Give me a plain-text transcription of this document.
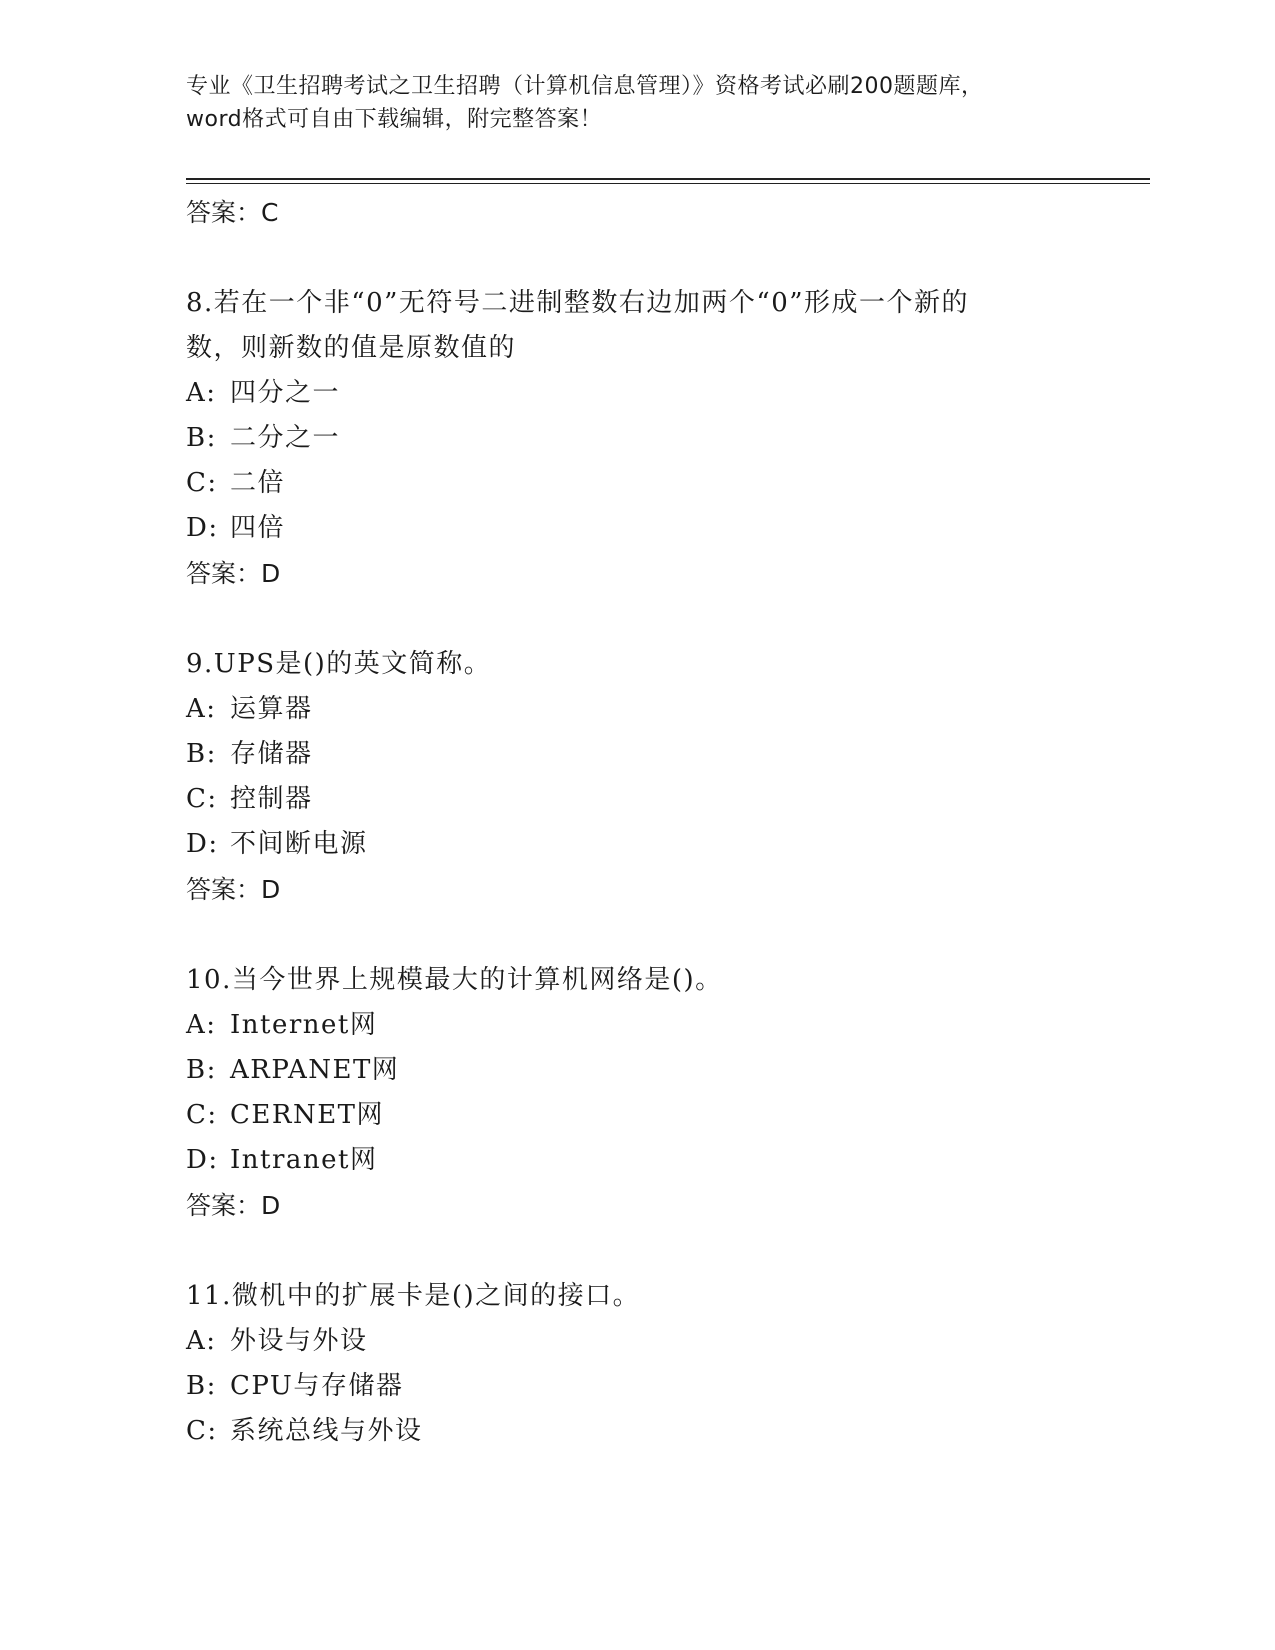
专业《卫生招聘考试之卫生招聘（计算机信息管理）》资格考试必刷200题题库，
word格式可自由下载编辑，附完整答案！
答案：C
8.若在一个非“0”无符号二进制整数右边加两个“0”形成一个新的
数，则新数的值是原数值的
A: 四分之一
B: 二分之一
C: 二倍
D: 四倍
答案：D
9.UPS是()的英文简称。
A: 运算器
B: 存储器
C: 控制器
D: 不间断电源
答案：D
10.当今世界上规模最大的计算机网络是()。
A: Internet网
B: ARPANET网
C: CERNET网
D: Intranet网
答案：D
11.微机中的扩展卡是()之间的接口。
A: 外设与外设
B: CPU与存储器
C: 系统总线与外设
